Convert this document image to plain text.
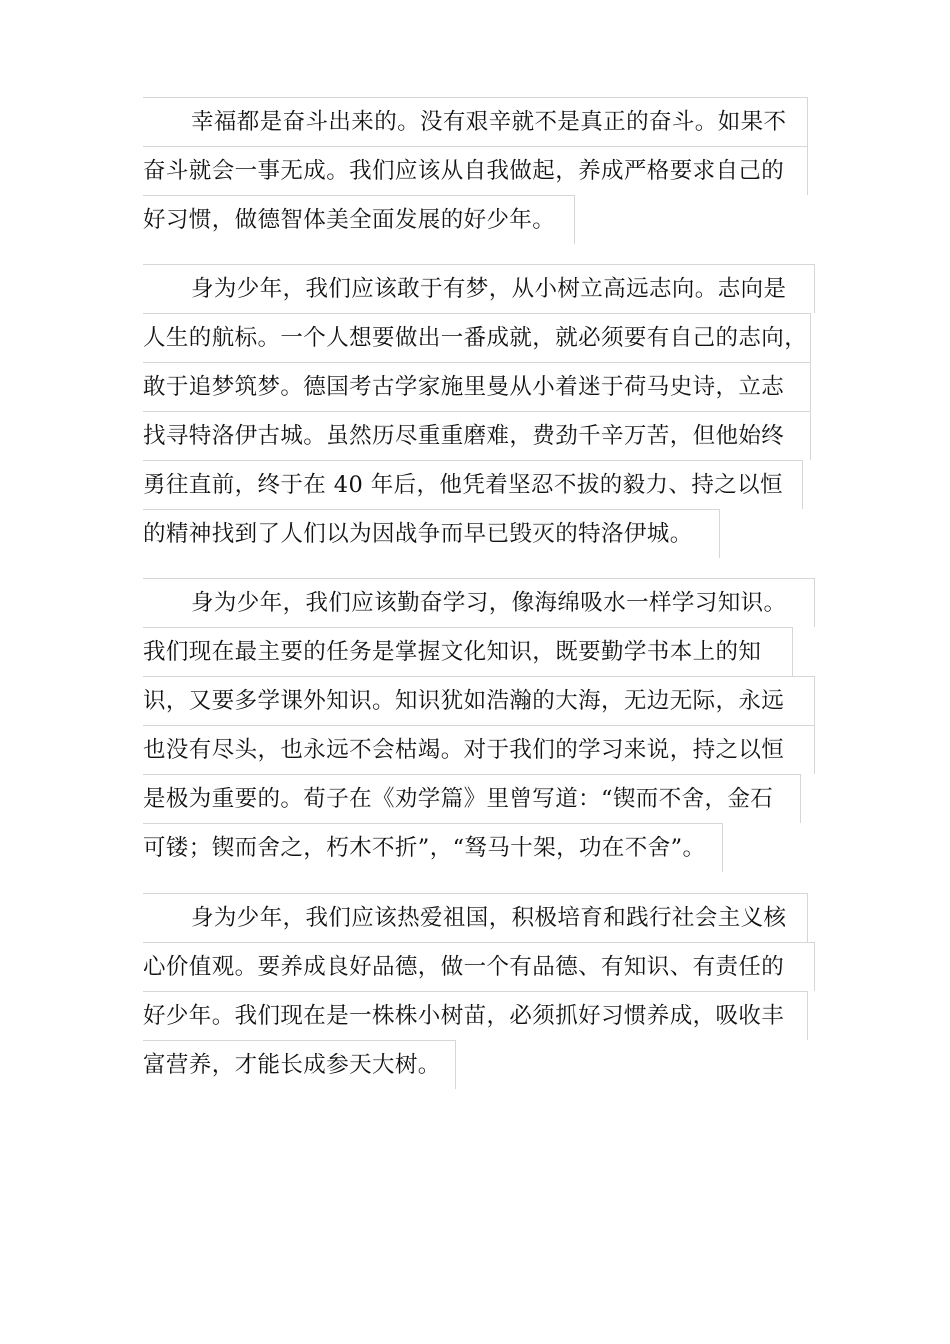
幸福都是奋斗出来的。没有艰辛就不是真正的奋斗。如果不
奋斗就会一事无成。我们应该从自我做起，养成严格要求自己的
好习惯，做德智体美全面发展的好少年。
身为少年，我们应该敢于有梦，从小树立高远志向。志向是
人生的航标。一个人想要做出一番成就，就必须要有自己的志向，
敢于追梦筑梦。德国考古学家施里曼从小着迷于荷马史诗，立志
找寻特洛伊古城。虽然历尽重重磨难，费劲千辛万苦，但他始终
勇往直前，终于在 40 年后，他凭着坚忍不拔的毅力、持之以恒
的精神找到了人们以为因战争而早已毁灭的特洛伊城。
身为少年，我们应该勤奋学习，像海绵吸水一样学习知识。
我们现在最主要的任务是掌握文化知识，既要勤学书本上的知
识，又要多学课外知识。知识犹如浩瀚的大海，无边无际，永远
也没有尽头，也永远不会枯竭。对于我们的学习来说，持之以恒
是极为重要的。荀子在《劝学篇》里曾写道：“锲而不舍，金石
可镂；锲而舍之，朽木不折”，“驽马十架，功在不舍”。
身为少年，我们应该热爱祖国，积极培育和践行社会主义核
心价值观。要养成良好品德，做一个有品德、有知识、有责任的
好少年。我们现在是一株株小树苗，必须抓好习惯养成，吸收丰
富营养，才能长成参天大树。
